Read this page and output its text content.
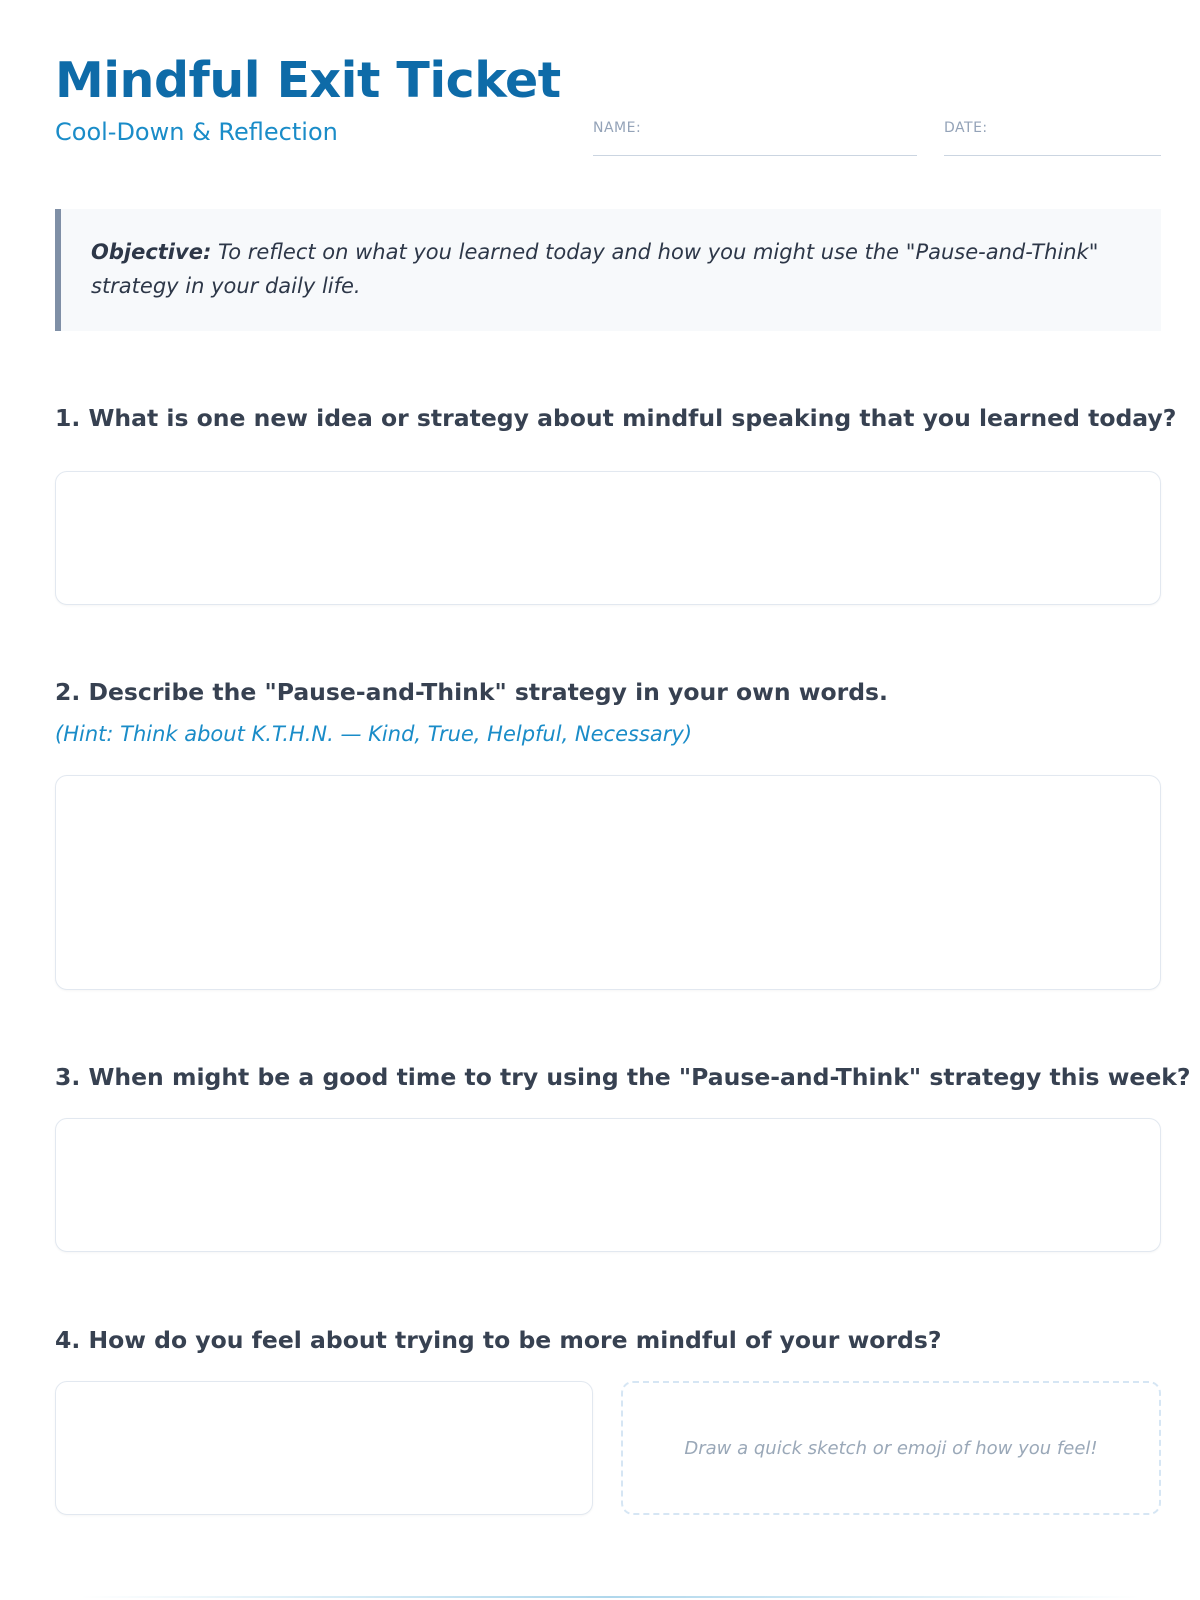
Mindful Exit Ticket
Cool-Down & Reflection	NAME:	DATE:
Objective: To reflect on what you learned today and how you might use the "Pause-and-Think" strategy in your daily life.
1. What is one new idea or strategy about mindful speaking that you learned today?
2. Describe the "Pause-and-Think" strategy in your own words.
(Hint: Think about K.T.H.N. — Kind, True, Helpful, Necessary)
3. When might be a good time to try using the "Pause-and-Think" strategy this week?
4. How do you feel about trying to be more mindful of your words?
Draw a quick sketch or emoji of how you feel!
